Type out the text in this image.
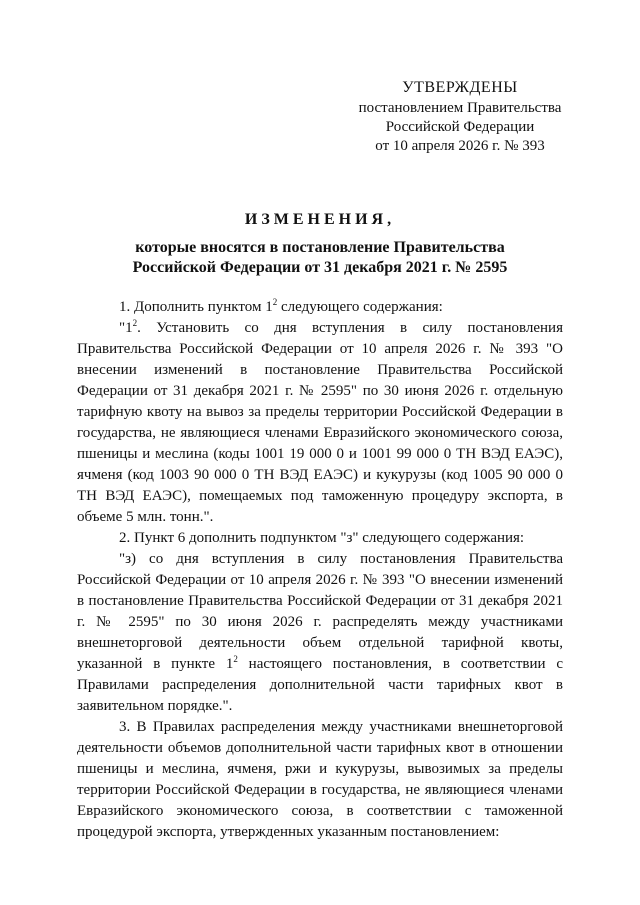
УТВЕРЖДЕНЫ
постановлением Правительства
Российской Федерации
от 10 апреля 2026 г. № 393
ИЗМЕНЕНИЯ,
которые вносятся в постановление Правительства
Российской Федерации от 31 декабря 2021 г. № 2595

1. Дополнить пунктом $1^2$ следующего содержания:

"$1^2$. Установить со дня вступления в силу постановления Правительства Российской Федерации от 10 апреля 2026 г. № 393 "О внесении изменений в постановление Правительства Российской Федерации от 31 декабря 2021 г. № 2595" по 30 июня 2026 г. отдельную тарифную квоту на вывоз за пределы территории Российской Федерации в государства, не являющиеся членами Евразийского экономического союза, пшеницы и меслина (коды 1001 19 000 0 и 1001 99 000 0 ТН ВЭД ЕАЭС), ячменя (код 1003 90 000 0 ТН ВЭД ЕАЭС) и кукурузы (код 1005 90 000 0 ТН ВЭД ЕАЭС), помещаемых под таможенную процедуру экспорта, в объеме 5 млн. тонн.".

2. Пункт 6 дополнить подпунктом "з" следующего содержания:

"з) со дня вступления в силу постановления Правительства Российской Федерации от 10 апреля 2026 г. № 393 "О внесении изменений в постановление Правительства Российской Федерации от 31 декабря 2021 г. № 2595" по 30 июня 2026 г. распределять между участниками внешнеторговой деятельности объем отдельной тарифной квоты, указанной в пункте $1^2$ настоящего постановления, в соответствии с Правилами распределения дополнительной части тарифных квот в заявительном порядке.".

3. В Правилах распределения между участниками внешнеторговой деятельности объемов дополнительной части тарифных квот в отношении пшеницы и меслина, ячменя, ржи и кукурузы, вывозимых за пределы территории Российской Федерации в государства, не являющиеся членами Евразийского экономического союза, в соответствии с таможенной процедурой экспорта, утвержденных указанным постановлением:
